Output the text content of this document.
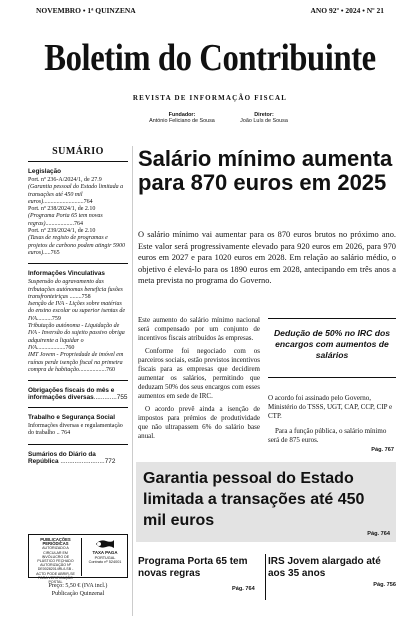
NOVEMBRO • 1ª QUINZENA	ANO 92º • 2024 • Nº 21
Boletim do Contribuinte
REVISTA DE INFORMAÇÃO FISCAL
Fundador:
António Feliciano de Sousa
Diretor:
João Luís de Sousa
SUMÁRIO
Legislação
Port. nº 236-A/2024/1, de 27.9
(Garantia pessoal do Estado limitada a transações até 450 mil euros)...........................764
Port. nº 238/2024/1, de 2.10
(Programa Porta 65 tem novas regras)...................764
Port. nº 239/2024/1, de 2.10
(Taxas de registo de programas e projetos de carbono podem atingir 5900 euros).....765
Informações Vinculativas
Suspensão do agravamento das tributações autónomas beneficia fusões transfronteiriças ........758
Isenção de IVA - Lições sobre matérias do ensino escolar ou superior isentas de IVA..........759
Tributação autónoma - Liquidação de IVA - Inversão do sujeito passivo obriga adquirente a liquidar o IVA...................760
IMT Jovem - Propriedade de imóvel em ruínas perde isenção fiscal na primeira compra de habitação..................760
Obrigações fiscais do mês e informações diversas.............755
Trabalho e Segurança Social
Informações diversas e regulamentação do trabalho .. 764
Sumários do Diário da República .........................772
PUBLICAÇÕES PERIÓDICAS
AUTORIZADO A CIRCULAR EM INVÓLUCRO DE PLÁSTICO FECHADO AUTORIZAÇÃO Nº DE00282014RL/LSB - ACTD PODE ABRIR-SE PARA VERIFICAÇÃO POSTAL
TAXA PAGA
PORTUGAL
Contrato nº 524001
Preço: 5,50 € (IVA incl.)
Publicação Quinzenal
Salário mínimo aumenta para 870 euros em 2025
O salário mínimo vai aumentar para os 870 euros brutos no próximo ano. Este valor será progressivamente elevado para 920 euros em 2026, para 970 euros em 2027 e para 1020 euros em 2028. Em relação ao salário médio, o objetivo é elevá-lo para os 1890 euros em 2028, antecipando em três anos a meta prevista no programa do Governo.

Este aumento do salário mínimo nacional será compensado por um conjunto de incentivos fiscais atribuídos às empresas.

Conforme foi negociado com os parceiros sociais, estão previstos incentivos fiscais para as empresas que decidirem aumentar os salários, permitindo que deduzam 50% dos seus encargos com esses aumentos em sede de IRC.

O acordo prevê ainda a isenção de impostos para prémios de produtividade que não ultrapassem 6% do salário base anual.

Dedução de 50% no IRC dos encargos com aumentos de salários

O acordo foi assinado pelo Governo, Ministério do TSSS, UGT, CAP, CCP, CIP e CTP.

Para a função pública, o salário mínimo será de 875 euros.

Pág. 767
Garantia pessoal do Estado limitada a transações até 450 mil euros
Pág. 764
Programa Porta 65 tem novas regras
Pág. 764
IRS Jovem alargado até aos 35 anos
Pág. 756
